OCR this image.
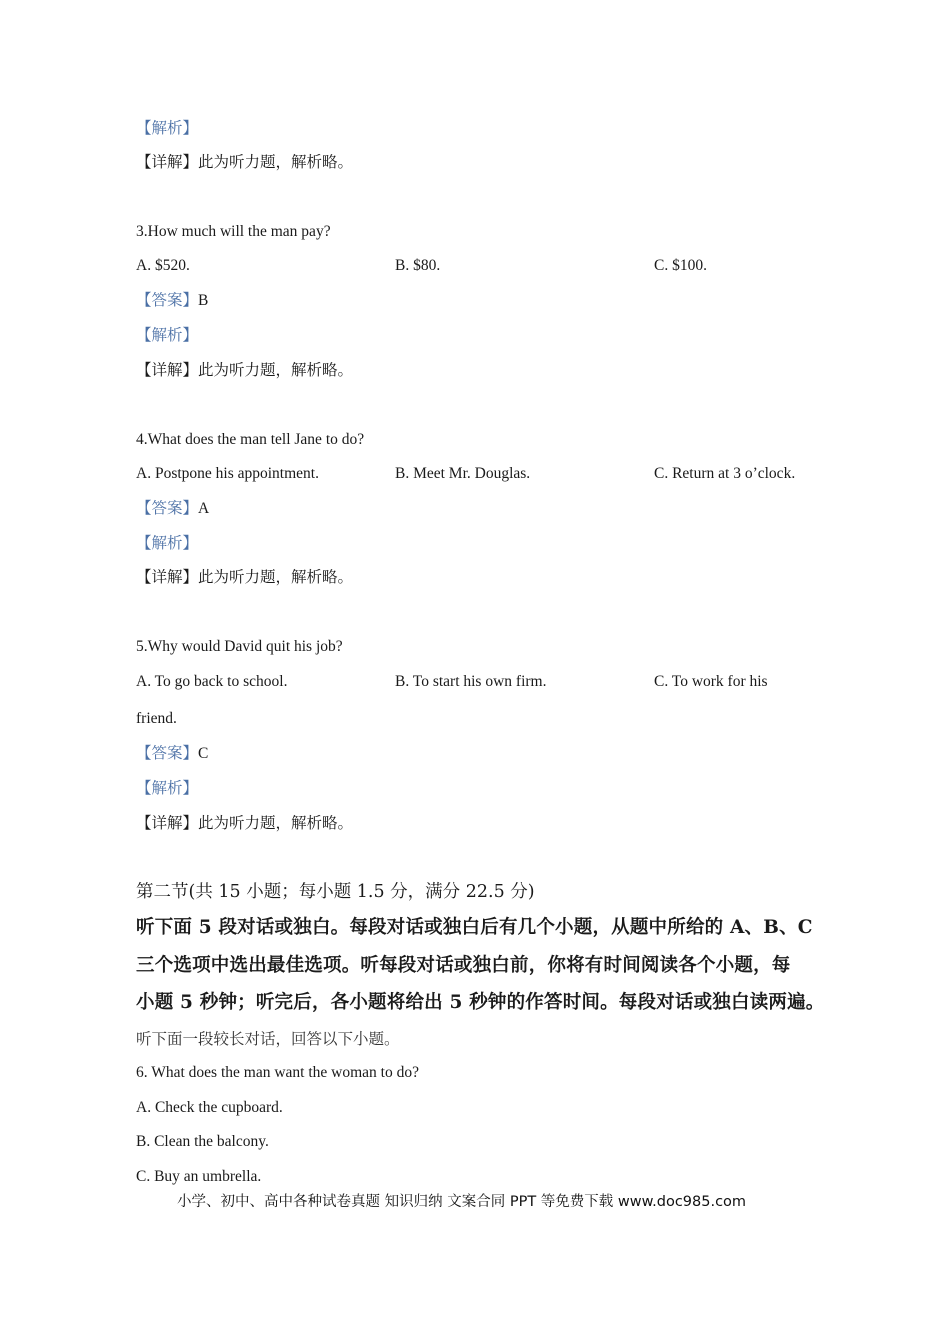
【解析】
【详解】此为听力题，解析略。
3.How much will the man pay?
A. $520.	B. $80.	C. $100.
【答案】B
【解析】
【详解】此为听力题，解析略。
4.What does the man tell Jane to do?
A. Postpone his appointment.	B. Meet Mr. Douglas.	C. Return at 3 o’clock.
【答案】A
【解析】
【详解】此为听力题，解析略。
5.Why would David quit his job?
A. To go back to school.	B. To start his own firm.	C. To work for his
friend.
【答案】C
【解析】
【详解】此为听力题，解析略。
第二节(共 15 小题；每小题 1.5 分，满分 22.5 分)
听下面 5 段对话或独白。每段对话或独白后有几个小题，从题中所给的 A、B、C
三个选项中选出最佳选项。听每段对话或独白前，你将有时间阅读各个小题，每
小题 5 秒钟；听完后，各小题将给出 5 秒钟的作答时间。每段对话或独白读两遍。
听下面一段较长对话，回答以下小题。
6. What does the man want the woman to do?
A. Check the cupboard.
B. Clean the balcony.
C. Buy an umbrella.
小学、初中、高中各种试卷真题 知识归纳 文案合同 PPT 等免费下载 www.doc985.com
